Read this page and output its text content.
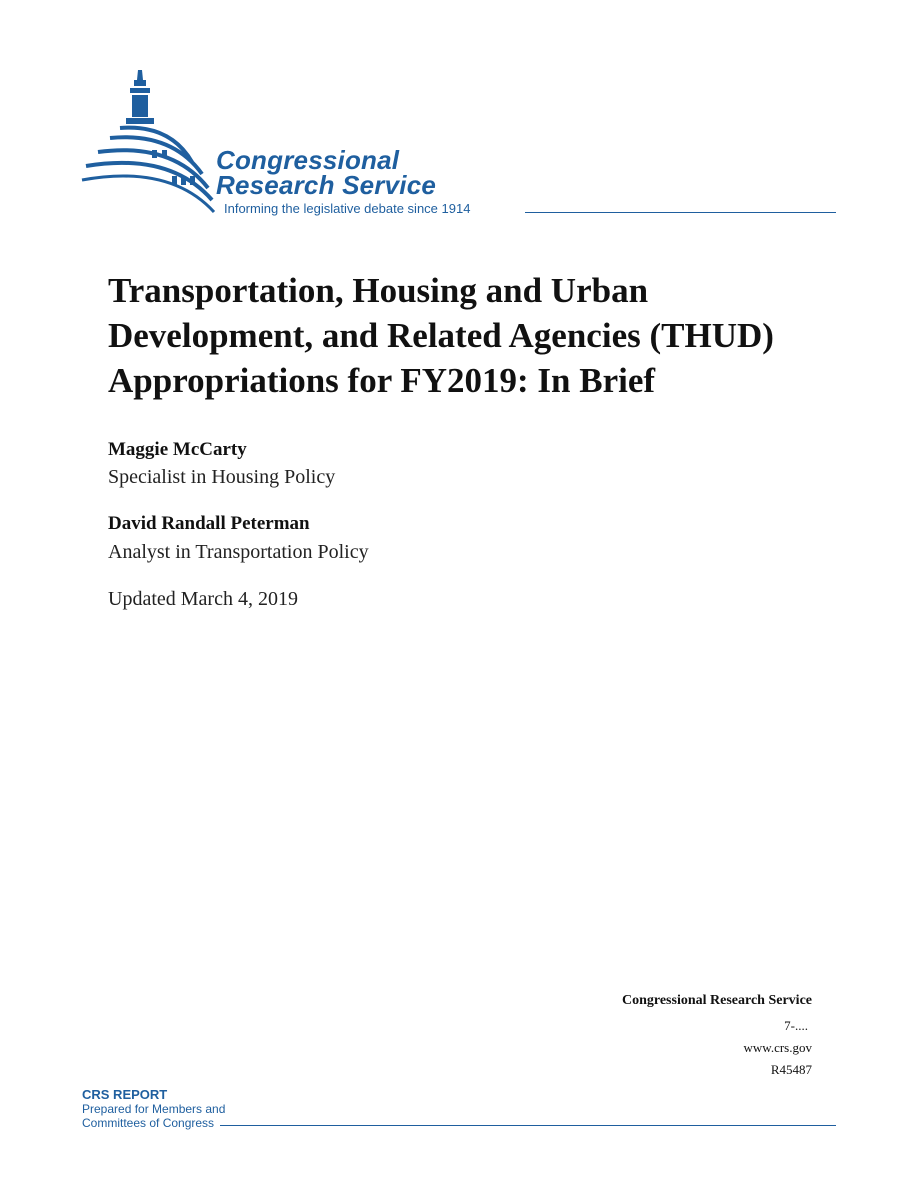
Congressional
Research Service
Informing the legislative debate since 1914
Transportation, Housing and Urban Development, and Related Agencies (THUD) Appropriations for FY2019: In Brief
Maggie McCarty
Specialist in Housing Policy
David Randall Peterman
Analyst in Transportation Policy
Updated March 4, 2019
Congressional Research Service
7-....
www.crs.gov
R45487
CRS REPORT
Prepared for Members and
Committees of Congress
